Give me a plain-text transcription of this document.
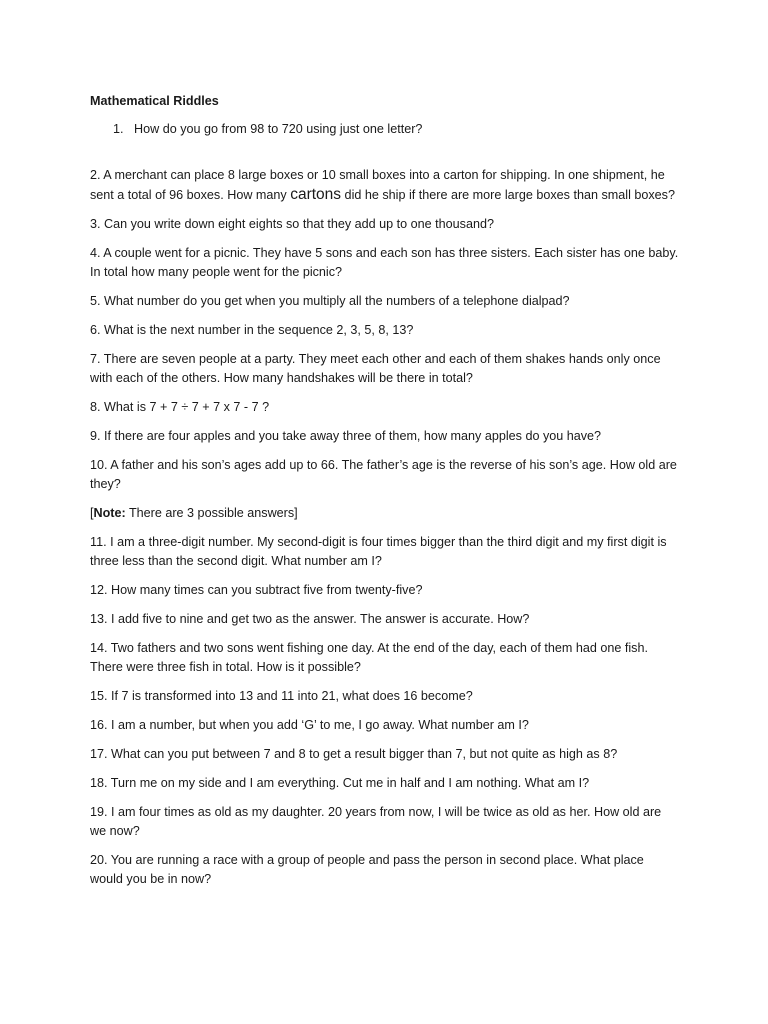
Mathematical Riddles
1. How do you go from 98 to 720 using just one letter?

2. A merchant can place 8 large boxes or 10 small boxes into a carton for shipping. In one shipment, he sent a total of 96 boxes. How many cartons did he ship if there are more large boxes than small boxes?

3. Can you write down eight eights so that they add up to one thousand?

4. A couple went for a picnic. They have 5 sons and each son has three sisters. Each sister has one baby. In total how many people went for the picnic?

5. What number do you get when you multiply all the numbers of a telephone dialpad?

6. What is the next number in the sequence 2, 3, 5, 8, 13?

7. There are seven people at a party. They meet each other and each of them shakes hands only once with each of the others. How many handshakes will be there in total?

8. What is 7 + 7 ÷ 7 + 7 x 7 - 7 ?

9. If there are four apples and you take away three of them, how many apples do you have?

10. A father and his son’s ages add up to 66. The father’s age is the reverse of his son’s age. How old are they?

[Note: There are 3 possible answers]

11. I am a three-digit number. My second-digit is four times bigger than the third digit and my first digit is three less than the second digit. What number am I?

12. How many times can you subtract five from twenty-five?

13. I add five to nine and get two as the answer. The answer is accurate. How?

14. Two fathers and two sons went fishing one day. At the end of the day, each of them had one fish. There were three fish in total. How is it possible?

15. If 7 is transformed into 13 and 11 into 21, what does 16 become?

16. I am a number, but when you add ‘G’ to me, I go away. What number am I?

17. What can you put between 7 and 8 to get a result bigger than 7, but not quite as high as 8?

18. Turn me on my side and I am everything. Cut me in half and I am nothing. What am I?

19. I am four times as old as my daughter. 20 years from now, I will be twice as old as her. How old are we now?

20. You are running a race with a group of people and pass the person in second place. What place would you be in now?
